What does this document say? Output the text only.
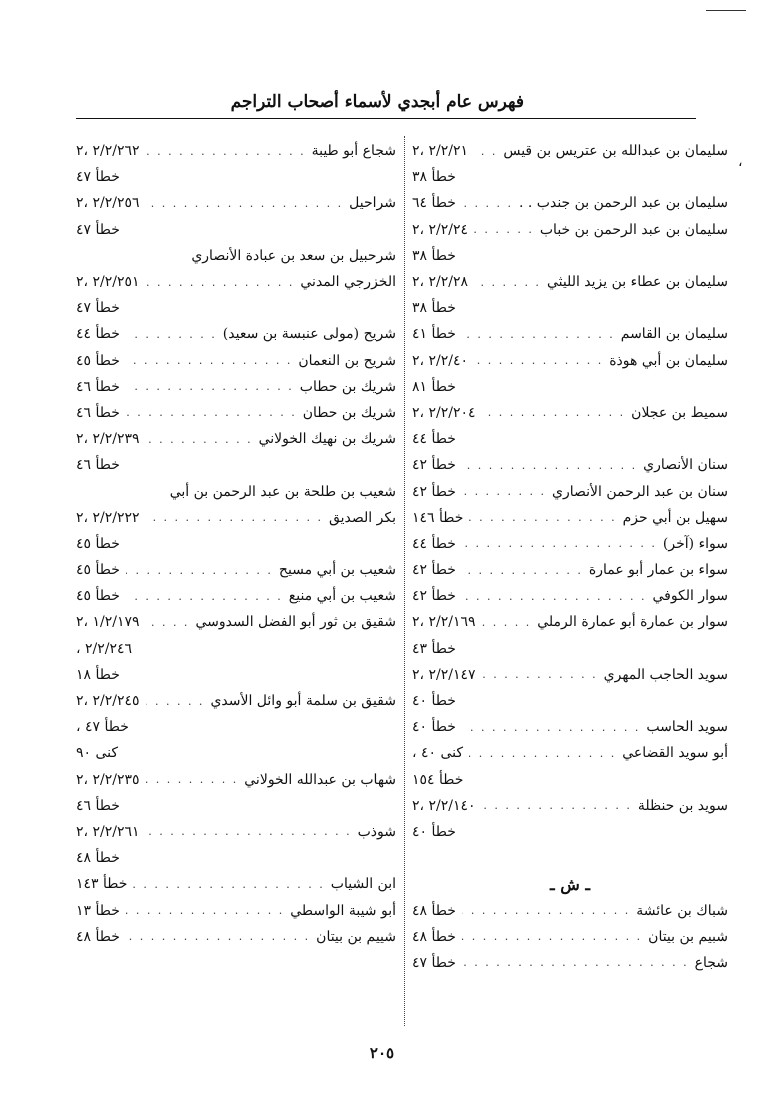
فهرس عام أبجدي لأسماء أصحاب التراجم
،
سليمان بن عبدالله بن عتريس بن قيس
. . .
٢/٢/٢١ ،٢
خطأ ٣٨
سليمان بن عبد الرحمن بن جندب . .
. . .
خطأ ٦٤
سليمان بن عبد الرحمن بن خباب
. . .
٢/٢/٢٤ ،٢
خطأ ٣٨
سليمان بن عطاء بن يزيد الليثي
. . .
٢/٢/٢٨ ،٢
خطأ ٣٨
سليمان بن القاسم
. . .
خطأ ٤١
سليمان بن أبي هوذة
. . .
٢/٢/٤٠ ،٢
خطأ ٨١
سميط بن عجلان
. . .
٢/٢/٢٠٤ ،٢
خطأ ٤٤
سنان الأنصاري
. . .
خطأ ٤٢
سنان بن عبد الرحمن الأنصاري
. . .
خطأ ٤٢
سهيل بن أبي حزم
. . .
خطأ ١٤٦
سواء (آخر)
. . .
خطأ ٤٤
سواء بن عمار أبو عمارة
. . .
خطأ ٤٢
سوار الكوفي
. . .
خطأ ٤٢
سوار بن عمارة أبو عمارة الرملي
. . .
٢/٢/١٦٩ ،٢
خطأ ٤٣
سويد الحاجب المهري
. . .
٢/٢/١٤٧ ،٢
خطأ ٤٠
سويد الحاسب
. . .
خطأ ٤٠
أبو سويد القضاعي
. . .
كنى ٤٠ ،
خطأ ١٥٤
سويد بن حنظلة
. . .
٢/٢/١٤٠ ،٢
خطأ ٤٠
ـ ش ـ
شباك بن عائشة
. . .
خطأ ٤٨
شبيم بن بيتان
. . .
خطأ ٤٨
شجاع
. . .
خطأ ٤٧
شجاع أبو طيبة
. . .
٢/٢/٢٦٢ ،٢
خطأ ٤٧
شراحيل
. . .
٢/٢/٢٥٦ ،٢
خطأ ٤٧
شرحبيل بن سعد بن عبادة الأنصاري
الخزرجي المدني
. . .
٢/٢/٢٥١ ،٢
خطأ ٤٧
شريح (مولى عنبسة بن سعيد)
. . .
خطأ ٤٤
شريح بن النعمان
. . .
خطأ ٤٥
شريك بن حطاب
. . .
خطأ ٤٦
شريك بن حطان
. . .
خطأ ٤٦
شريك بن نهيك الخولاني
. . .
٢/٢/٢٣٩ ،٢
خطأ ٤٦
شعيب بن طلحة بن عبد الرحمن بن أبي
بكر الصديق
. . .
٢/٢/٢٢٢ ،٢
خطأ ٤٥
شعيب بن أبي مسيح
. . .
خطأ ٤٥
شعيب بن أبي منيع
. . .
خطأ ٤٥
شقيق بن ثور أبو الفضل السدوسي
. . .
١/٢/١٧٩ ،٢
٢/٢/٢٤٦ ،
خطأ ١٨
شقيق بن سلمة أبو وائل الأسدي
. . .
٢/٢/٢٤٥ ،٢
خطأ ٤٧ ،
كنى ٩٠
شهاب بن عبدالله الخولاني
. . .
٢/٢/٢٣٥ ،٢
خطأ ٤٦
شوذب
. . .
٢/٢/٢٦١ ،٢
خطأ ٤٨
ابن الشياب
. . .
خطأ ١٤٣
أبو شيبة الواسطي
. . .
خطأ ١٣
شييم بن بيتان
. . .
خطأ ٤٨
٢٠٥
